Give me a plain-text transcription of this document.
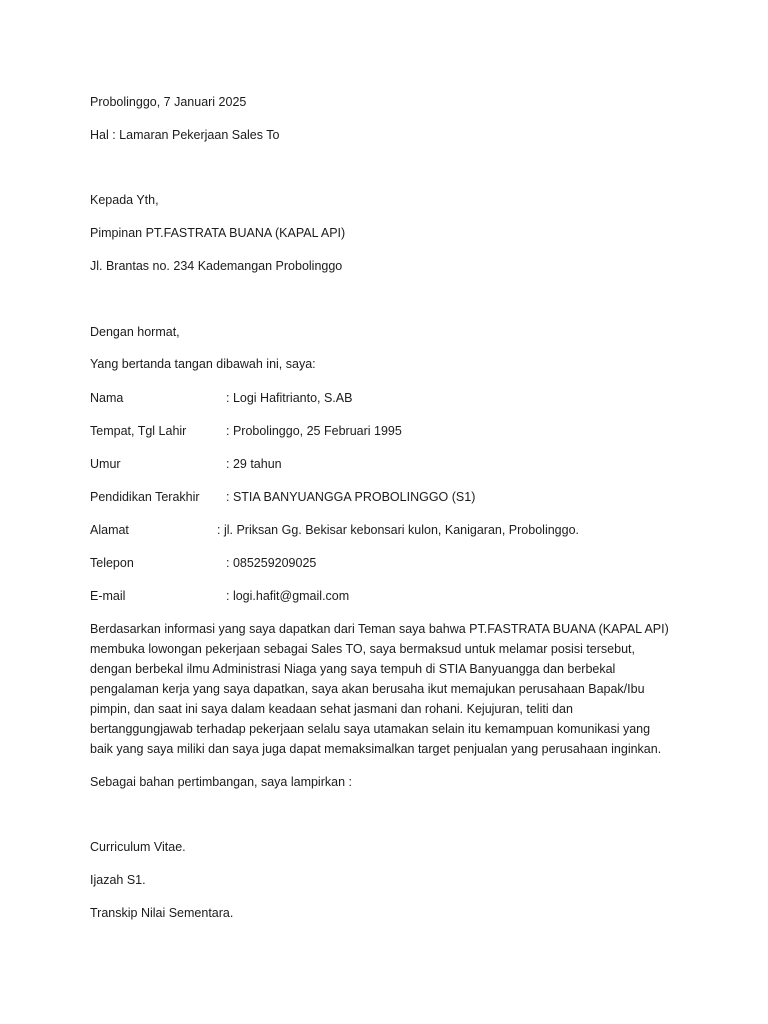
Probolinggo, 7 Januari 2025
Hal : Lamaran Pekerjaan Sales To
Kepada Yth,
Pimpinan PT.FASTRATA BUANA (KAPAL API)
Jl. Brantas no. 234 Kademangan Probolinggo
Dengan hormat,
Yang bertanda tangan dibawah ini, saya:
Nama	: Logi Hafitrianto, S.AB
Tempat, Tgl Lahir	: Probolinggo, 25 Februari 1995
Umur	: 29 tahun
Pendidikan Terakhir : STIA BANYUANGGA PROBOLINGGO (S1)
Alamat	: jl. Priksan Gg. Bekisar kebonsari kulon, Kanigaran, Probolinggo.
Telepon	: 085259209025
E-mail	: logi.hafit@gmail.com
Berdasarkan informasi yang saya dapatkan dari Teman saya bahwa PT.FASTRATA BUANA (KAPAL API)
membuka lowongan pekerjaan sebagai Sales TO, saya bermaksud untuk melamar posisi tersebut,
dengan berbekal ilmu Administrasi Niaga yang saya tempuh di STIA Banyuangga dan berbekal
pengalaman kerja yang saya dapatkan, saya akan berusaha ikut memajukan perusahaan Bapak/Ibu
pimpin, dan saat ini saya dalam keadaan sehat jasmani dan rohani. Kejujuran, teliti dan
bertanggungjawab terhadap pekerjaan selalu saya utamakan selain itu kemampuan komunikasi yang
baik yang saya miliki dan saya juga dapat memaksimalkan target penjualan yang perusahaan inginkan.
Sebagai bahan pertimbangan, saya lampirkan :
Curriculum Vitae.
Ijazah S1.
Transkip Nilai Sementara.
